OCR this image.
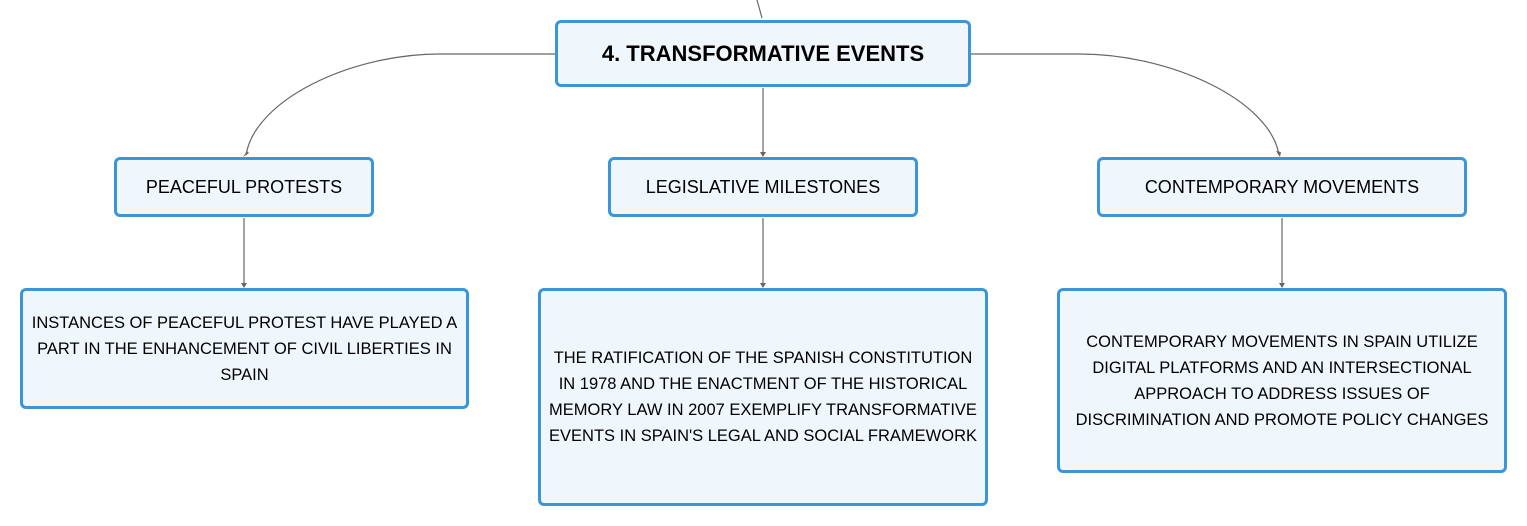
4. TRANSFORMATIVE EVENTS
PEACEFUL PROTESTS	LEGISLATIVE MILESTONES	CONTEMPORARY MOVEMENTS
INSTANCES OF PEACEFUL PROTEST HAVE PLAYED A PART IN THE ENHANCEMENT OF CIVIL LIBERTIES IN SPAIN
THE RATIFICATION OF THE SPANISH CONSTITUTION IN 1978 AND THE ENACTMENT OF THE HISTORICAL MEMORY LAW IN 2007 EXEMPLIFY TRANSFORMATIVE EVENTS IN SPAIN'S LEGAL AND SOCIAL FRAMEWORK
CONTEMPORARY MOVEMENTS IN SPAIN UTILIZE DIGITAL PLATFORMS AND AN INTERSECTIONAL APPROACH TO ADDRESS ISSUES OF DISCRIMINATION AND PROMOTE POLICY CHANGES
